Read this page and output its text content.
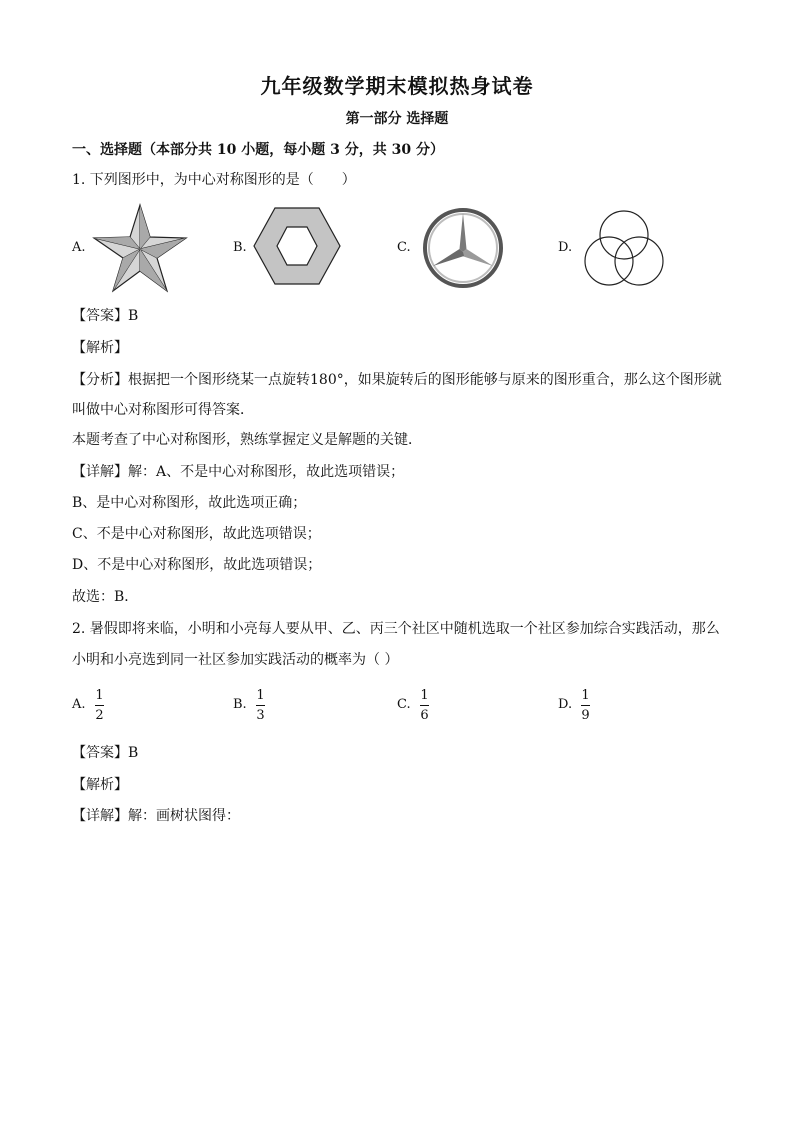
九年级数学期末模拟热身试卷
第一部分 选择题
一、选择题（本部分共 10 小题，每小题 3 分，共 30 分）
1. 下列图形中，为中心对称图形的是（　　）
A.	B.	C.	D.
【答案】B
【解析】
【分析】根据把一个图形绕某一点旋转180°，如果旋转后的图形能够与原来的图形重合，那么这个图形就
叫做中心对称图形可得答案．
本题考查了中心对称图形，熟练掌握定义是解题的关键．
【详解】解：A、不是中心对称图形，故此选项错误；
B、是中心对称图形，故此选项正确；
C、不是中心对称图形，故此选项错误；
D、不是中心对称图形，故此选项错误；
故选：B．
2. 暑假即将来临，小明和小亮每人要从甲、乙、丙三个社区中随机选取一个社区参加综合实践活动，那么
小明和小亮选到同一社区参加实践活动的概率为（ ）
A.
1
2
B.
1
3
C.
1
6
D.
1
9
【答案】B
【解析】
【详解】解：画树状图得：
